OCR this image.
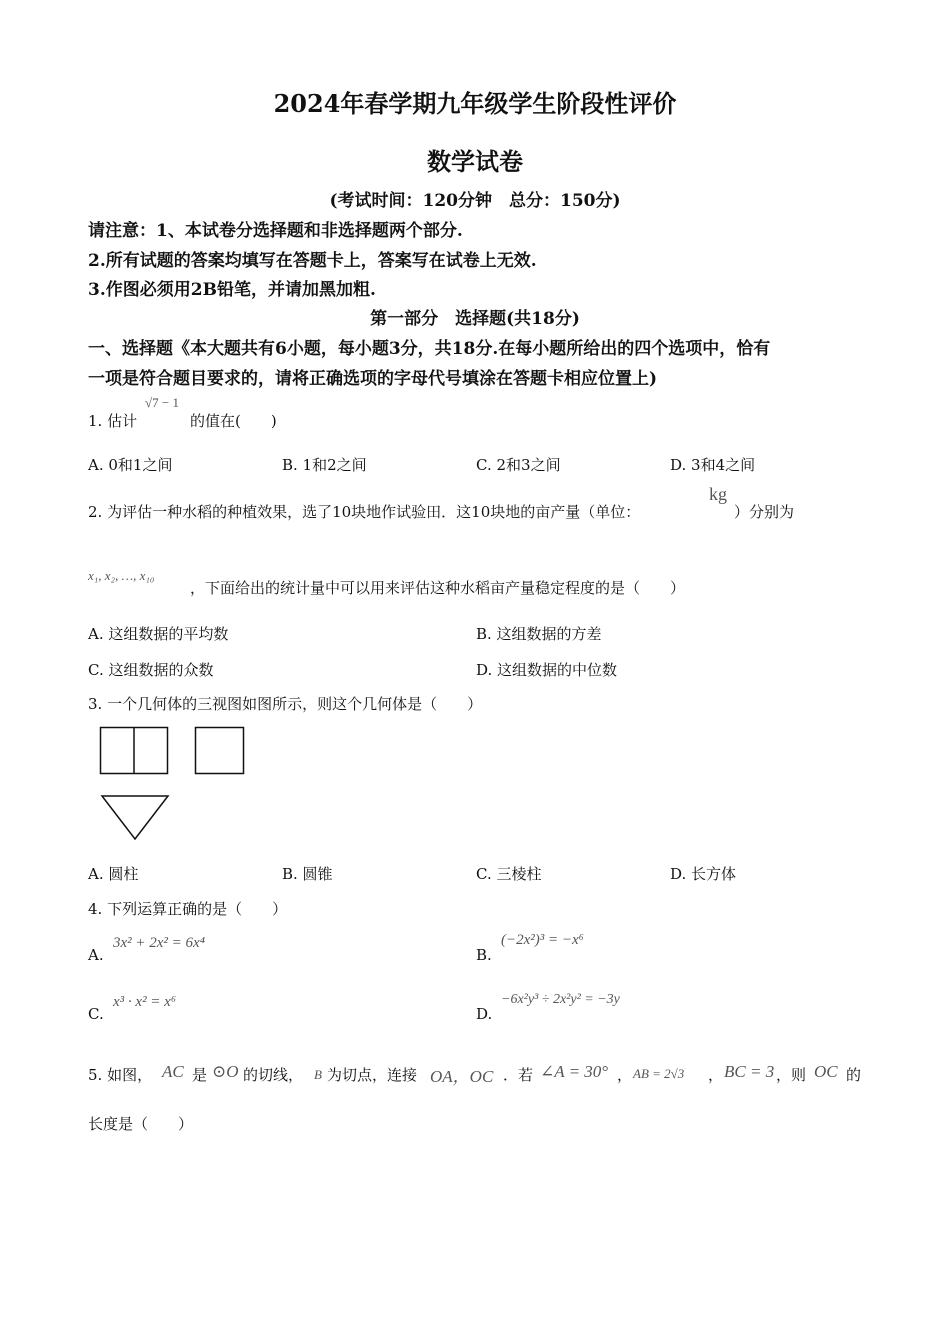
2024年春学期九年级学生阶段性评价
数学试卷
(考试时间：120分钟　总分：150分)
请注意：1、本试卷分选择题和非选择题两个部分.
2.所有试题的答案均填写在答题卡上，答案写在试卷上无效.
3.作图必须用2B铅笔，并请加黑加粗.
第一部分　选择题(共18分)
一、选择题《本大题共有6小题，每小题3分，共18分.在每小题所给出的四个选项中，恰有
一项是符合题目要求的，请将正确选项的字母代号填涂在答题卡相应位置上)
1. 估计
√7 − 1
的值在(　　)
A. 0和1之间	B. 1和2之间	C. 2和3之间	D. 3和4之间
2. 为评估一种水稻的种植效果，选了10块地作试验田．这10块地的亩产量（单位：
kg
）分别为
x₁, x₂, …, x₁₀
，下面给出的统计量中可以用来评估这种水稻亩产量稳定程度的是（　　）
A. 这组数据的平均数	B. 这组数据的方差
C. 这组数据的众数	D. 这组数据的中位数
3. 一个几何体的三视图如图所示，则这个几何体是（　　）
A. 圆柱	B. 圆锥	C. 三棱柱	D. 长方体
4. 下列运算正确的是（　　）
A.
3x² + 2x² = 6x⁴
B.
(−2x²)³ = −x⁶
C.
x³ · x² = x⁶
D.
−6x²y³ ÷ 2x²y² = −3y
5. 如图， AC 是 ⊙O 的切线， B 为切点，连接 OA，OC ．若 ∠A = 30° ， AB = 2√3 ， BC = 3 ，则 OC 的
长度是（　　）
